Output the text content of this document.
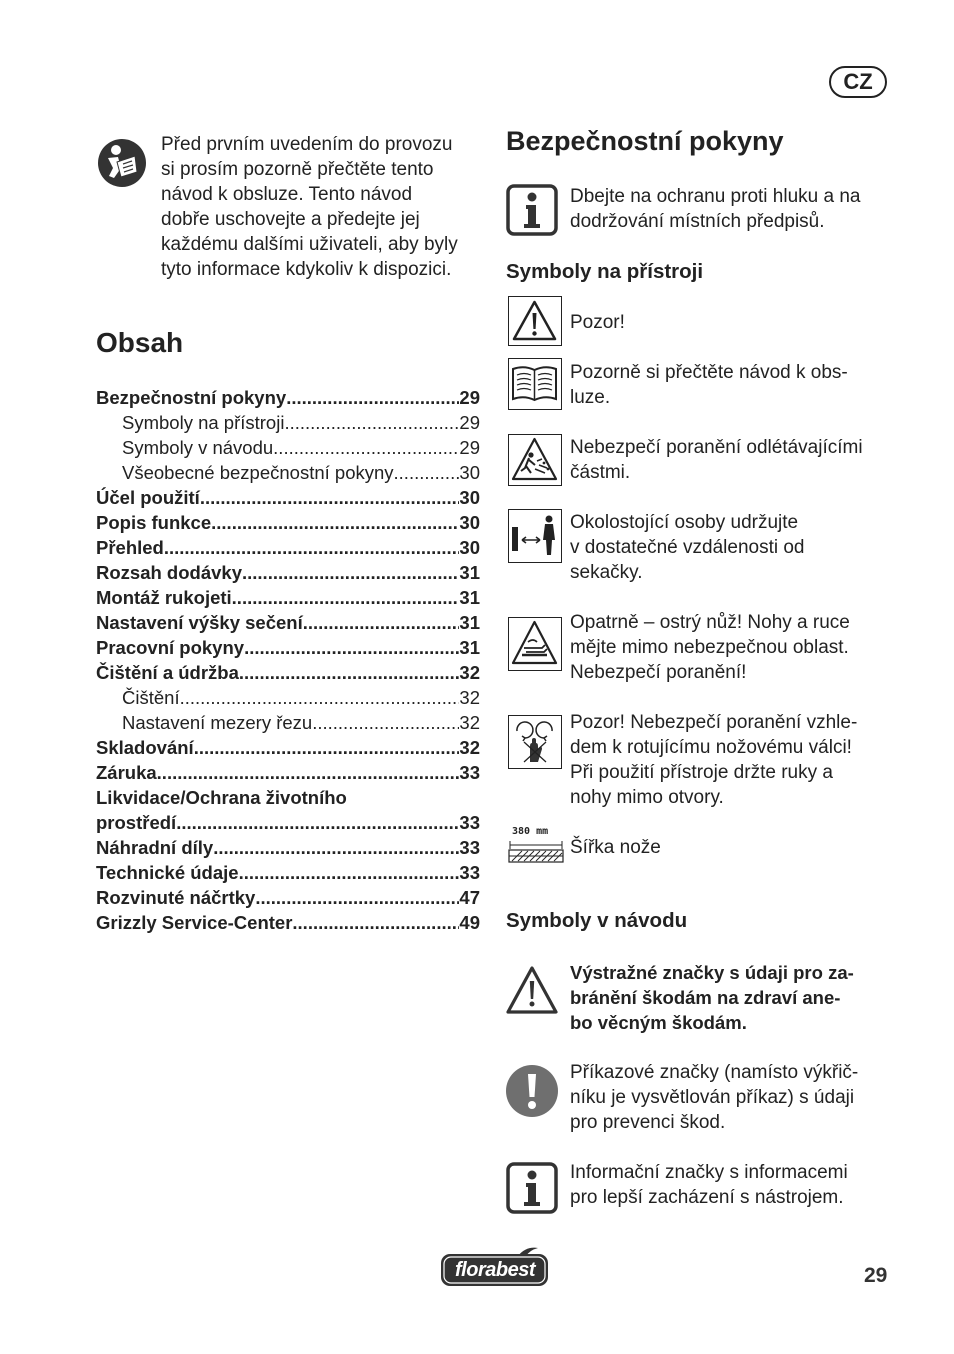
CZ
Před prvním uvedením do provozu
si prosím pozorně přečtěte tento
návod k obsluze. Tento návod
dobře uschovejte a předejte jej
každému dalšími uživateli, aby byly
tyto informace kdykoliv k dispozici.
Obsah
Bezpečnostní pokyny .....	29
Symboly na přístroji .....	29
Symboly v návodu .....	29
Všeobecné bezpečnostní pokyny .....	30
Účel použití .....	30
Popis funkce .....	30
Přehled .....	30
Rozsah dodávky .....	31
Montáž rukojeti .....	31
Nastavení výšky sečení .....	31
Pracovní pokyny .....	31
Čištění a údržba .....	32
Čištění .....	32
Nastavení mezery řezu .....	32
Skladování .....	32
Záruka .....	33
Likvidace/Ochrana životního
prostředí .....	33
Náhradní díly .....	33
Technické údaje .....	33
Rozvinuté náčrtky .....	47
Grizzly Service-Center .....	49
Bezpečnostní pokyny
Dbejte na ochranu proti hluku a na
dodržování místních předpisů.
Symboly na přístroji
Pozor!
Pozorně si přečtěte návod k obs-
luze.
Nebezpečí poranění odlétávajícími
částmi.
Okolostojící osoby udržujte
v dostatečné vzdálenosti od
sekačky.
Opatrně – ostrý nůž! Nohy a ruce
mějte mimo nebezpečnou oblast.
Nebezpečí poranění!
Pozor! Nebezpečí poranění vzhle-
dem k rotujícímu nožovému válci!
Při použití přístroje držte ruky a
nohy mimo otvory.
380 mm
Šířka nože
Symboly v návodu
Výstražné značky s údaji pro za-
bránění škodám na zdraví ane-
bo věcným škodám.
Příkazové značky (namísto výkřič-
níku je vysvětlován příkaz) s údaji
pro prevenci škod.
Informační značky s informacemi
pro lepší zacházení s nástrojem.
florabest	29
